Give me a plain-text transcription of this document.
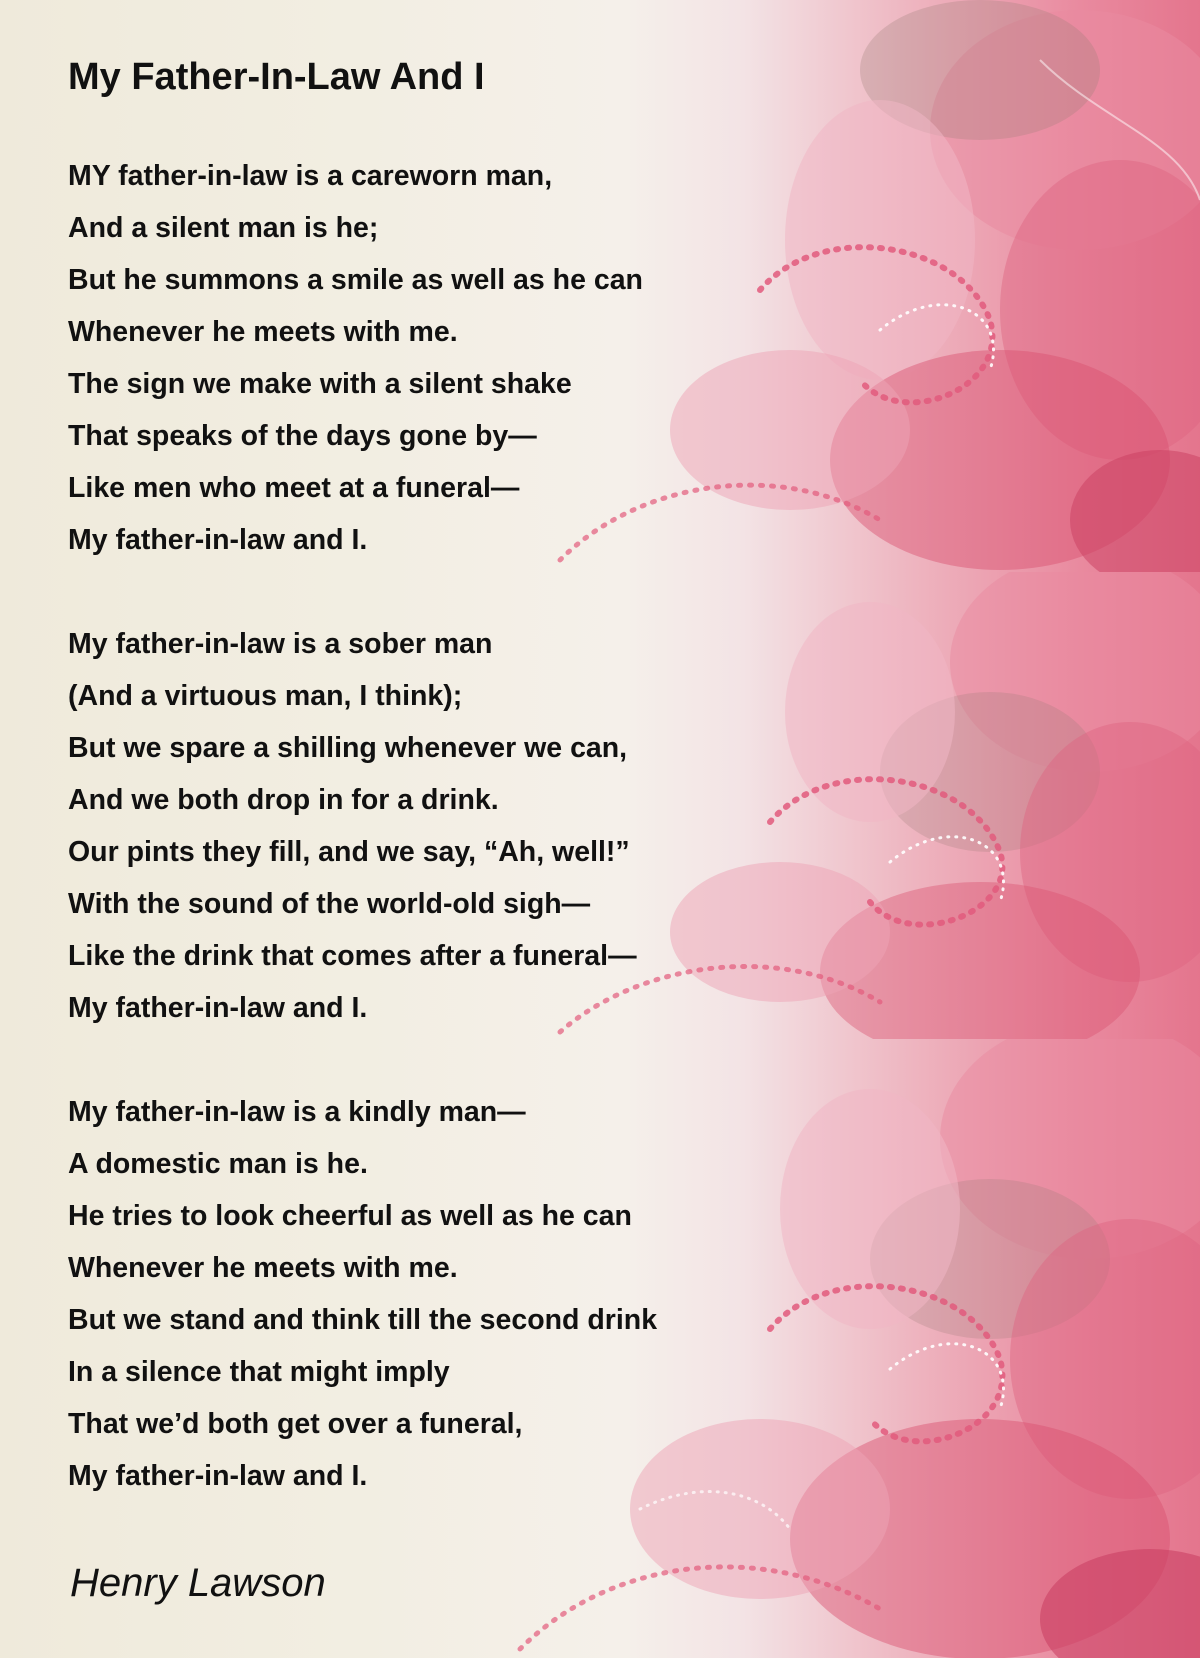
My Father-In-Law And I
MY father-in-law is a careworn man,
And a silent man is he;
But he summons a smile as well as he can
Whenever he meets with me.
The sign we make with a silent shake
That speaks of the days gone by—
Like men who meet at a funeral—
My father-in-law and I.
My father-in-law is a sober man
(And a virtuous man, I think);
But we spare a shilling whenever we can,
And we both drop in for a drink.
Our pints they fill, and we say, “Ah, well!”
With the sound of the world-old sigh—
Like the drink that comes after a funeral—
My father-in-law and I.
My father-in-law is a kindly man—
A domestic man is he.
He tries to look cheerful as well as he can
Whenever he meets with me.
But we stand and think till the second drink
In a silence that might imply
That we’d both get over a funeral,
My father-in-law and I.
Henry Lawson
